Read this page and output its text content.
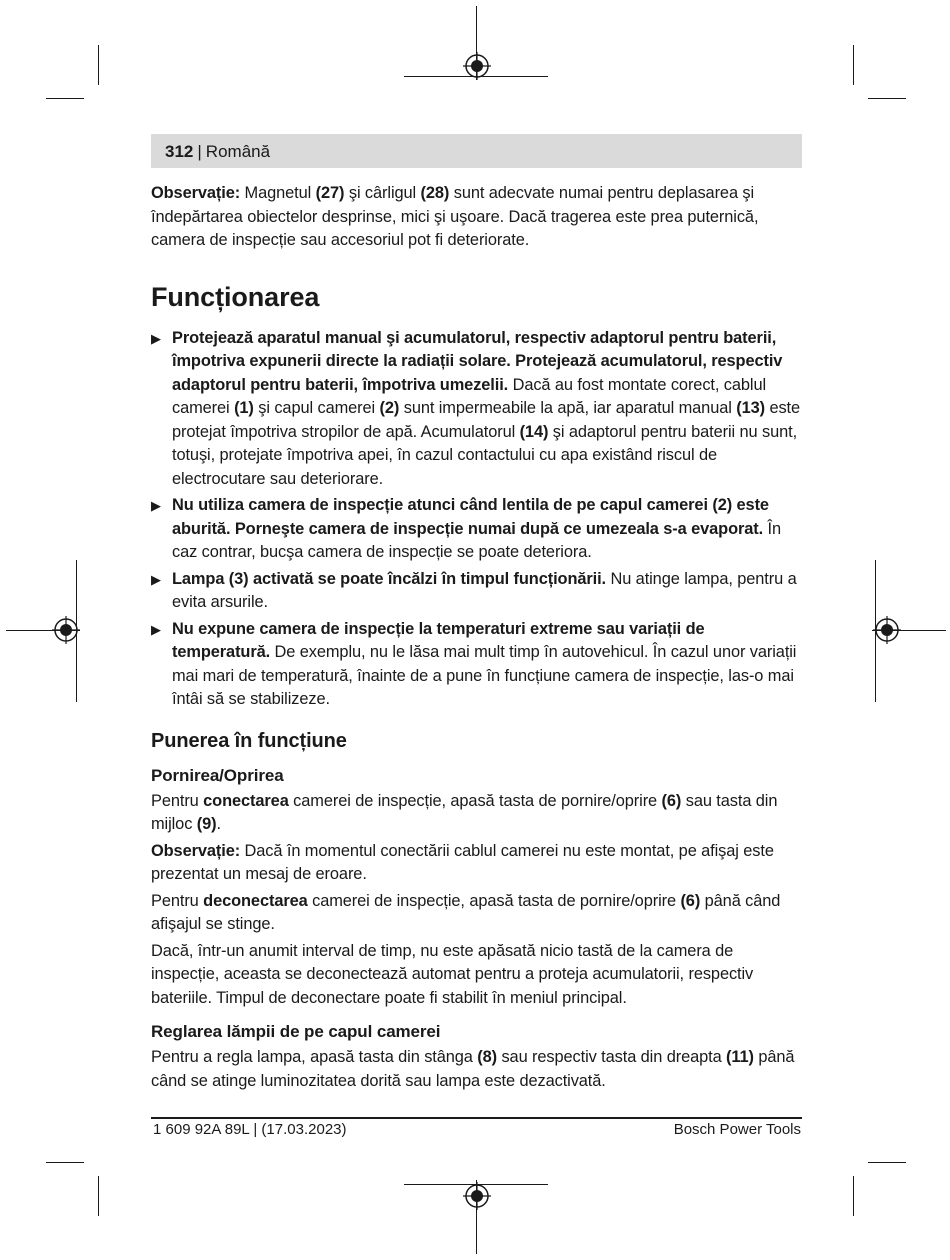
312 | Română

Observație: Magnetul (27) şi cârligul (28) sunt adecvate numai pentru deplasarea şi îndepărtarea obiectelor desprinse, mici şi uşoare. Dacă tragerea este prea puternică, camera de inspecție sau accesoriul pot fi deteriorate.

Funcționarea
▶ Protejează aparatul manual şi acumulatorul, respectiv adaptorul pentru baterii, împotriva expunerii directe la radiații solare. Protejează acumulatorul, respectiv adaptorul pentru baterii, împotriva umezelii. Dacă au fost montate corect, cablul camerei (1) şi capul camerei (2) sunt impermeabile la apă, iar aparatul manual (13) este protejat împotriva stropilor de apă. Acumulatorul (14) şi adaptorul pentru baterii nu sunt, totuşi, protejate împotriva apei, în cazul contactului cu apa existând riscul de electrocutare sau deteriorare.
▶ Nu utiliza camera de inspecție atunci când lentila de pe capul camerei (2) este aburită. Porneşte camera de inspecție numai după ce umezeala s-a evaporat. În caz contrar, bucşa camera de inspecție se poate deteriora.
▶ Lampa (3) activată se poate încălzi în timpul funcționării. Nu atinge lampa, pentru a evita arsurile.
▶ Nu expune camera de inspecție la temperaturi extreme sau variații de temperatură. De exemplu, nu le lăsa mai mult timp în autovehicul. În cazul unor variații mai mari de temperatură, înainte de a pune în funcțiune camera de inspecție, las-o mai întâi să se stabilizeze.
Punerea în funcțiune
Pornirea/Oprirea

Pentru conectarea camerei de inspecție, apasă tasta de pornire/oprire (6) sau tasta din mijloc (9).

Observație: Dacă în momentul conectării cablul camerei nu este montat, pe afişaj este prezentat un mesaj de eroare.

Pentru deconectarea camerei de inspecție, apasă tasta de pornire/oprire (6) până când afişajul se stinge.

Dacă, într-un anumit interval de timp, nu este apăsată nicio tastă de la camera de inspecție, aceasta se deconectează automat pentru a proteja acumulatorii, respectiv bateriile. Timpul de deconectare poate fi stabilit în meniul principal.

Reglarea lămpii de pe capul camerei

Pentru a regla lampa, apasă tasta din stânga (8) sau respectiv tasta din dreapta (11) până când se atinge luminozitatea dorită sau lampa este dezactivată.

1 609 92A 89L | (17.03.2023)	Bosch Power Tools
